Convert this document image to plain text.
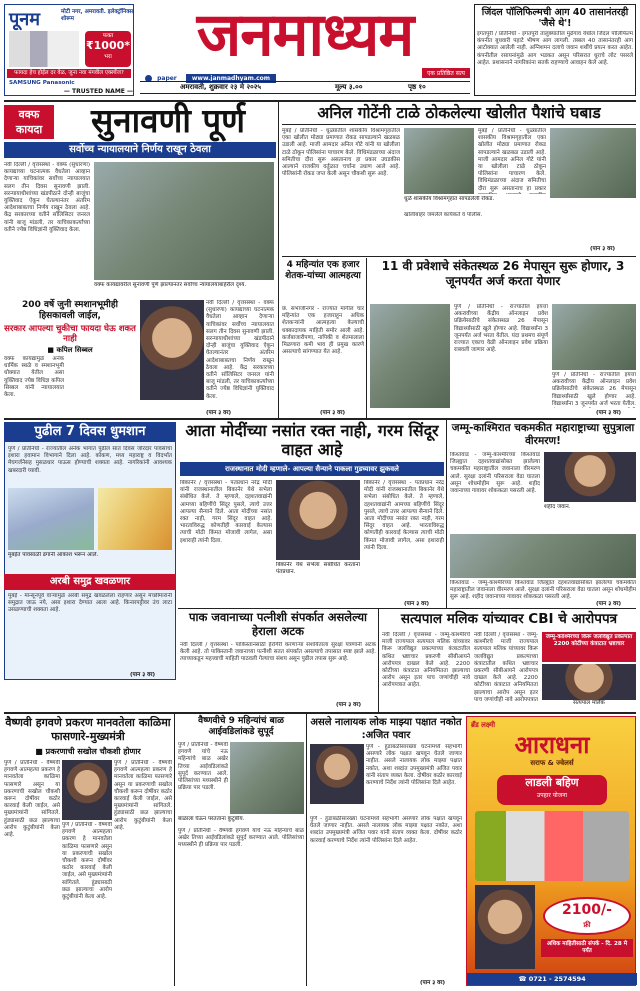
पूनम	मोटी नगर, अमरावती. इलेक्ट्रॉनिक्स शोरूम
फक्त
₹1000*
भरा
फायदा हेच होईल दर वेळ, जुना नवा मंगवील एक्स्चेंज?
SAMSUNG Panasonic
— TRUSTED NAME —
जनमाध्यम
paper	www.janmadhyam.com
एक प्रतिष्ठित सत्य
अमरावती, शुक्रवार २३ मे २०२५	मूल्य ३.००	पृष्ठ १०
जिंदल पॉलिफिल्मची आग 40 तासानंतरही 'जैसे थे'!
इगतपुरी / प्रतिनिधी - इगतपुरी तालुक्यातील मुंढेगाव येथील जिंदल पॉलिफिल्म कंपनीत बुधवारी पहाटे भीषण आग लागली. तब्बल 40 तासानंतरही आग आटोक्यात आलेली नाही. अग्निशमन दलाचे जवान शर्थीचे प्रयत्न करत आहेत. कंपनीतील रसायनांमुळे आग भडकत असून परिसरात धुराचे लोट पसरले आहेत. प्रशासनाने नागरिकांना सतर्क राहण्याचे आवाहन केले आहे.
वक्फ कायदा	सुनावणी पूर्ण
सर्वोच्च न्यायालयाने निर्णय राखून ठेवला
नवी दिल्ली / वृत्तसंस्था - वक्फ (सुधारणा) कायद्याच्या घटनात्मक वैधतेला आव्हान देणाऱ्या याचिकांवर सर्वोच्च न्यायालयात सलग तीन दिवस सुनावणी झाली. सरन्यायाधीशांच्या खंडपीठाने दोन्ही बाजूंचा युक्तिवाद ऐकून घेतल्यानंतर अंतरिम आदेशाबाबतचा निर्णय राखून ठेवला आहे. केंद्र सरकारच्या वतीने सॉलिसिटर जनरल यांनी बाजू मांडली, तर याचिकाकर्त्यांच्या वतीने ज्येष्ठ विधिज्ञांनी युक्तिवाद केला.
वक्फ कायद्यावरील सुनावणी पूर्ण झाल्यानंतर सर्वोच्च न्यायालयाबाहेरील दृश्य.
200 वर्षे जुनी स्मशानभूमीही हिसकावली जाईल,
सरकार आपल्या चुकीचा फायदा घेऊ शकत नाही
■ कपिल सिब्बल
वक्फ कायद्यामुळे अनेक धार्मिक स्थळे व स्मशानभूमी धोक्यात येतील असा युक्तिवाद ज्येष्ठ विधिज्ञ कपिल सिब्बल यांनी न्यायालयात केला.
नवी दिल्ली / वृत्तसंस्था - वक्फ (सुधारणा) कायद्याच्या घटनात्मक वैधतेला आव्हान देणाऱ्या याचिकांवर सर्वोच्च न्यायालयात सलग तीन दिवस सुनावणी झाली. सरन्यायाधीशांच्या खंडपीठाने दोन्ही बाजूंचा युक्तिवाद ऐकून घेतल्यानंतर अंतरिम आदेशाबाबतचा निर्णय राखून ठेवला आहे. केंद्र सरकारच्या वतीने सॉलिसिटर जनरल यांनी बाजू मांडली, तर याचिकाकर्त्यांच्या वतीने ज्येष्ठ विधिज्ञांनी युक्तिवाद केला.
(पान ३ वर)
अनिल गोटेंनी टाळे ठोकलेल्या खोलीत पैशांचे घबाड
मुंबई / प्रतिनिधी - धुळ्यातील शासकीय विश्रामगृहातील एका खोलीत मोठ्या प्रमाणात रोकड सापडल्याने खळबळ उडाली आहे. माजी आमदार अनिल गोटे यांनी या खोलीला टाळे ठोकून पोलिसांना पाचारण केले. विधिमंडळाच्या अंदाज समितीचा दौरा सुरू असतानाच हा प्रकार उघडकीस आल्याने राजकीय वर्तुळात चर्चांना उधाण आले आहे. पोलिसांनी रोकड जप्त केली असून चौकशी सुरू आहे.
मुंबई / प्रतिनिधी - धुळ्यातील शासकीय विश्रामगृहातील एका खोलीत मोठ्या प्रमाणात रोकड सापडल्याने खळबळ उडाली आहे. माजी आमदार अनिल गोटे यांनी या खोलीला टाळे ठोकून पोलिसांना पाचारण केले. विधिमंडळाच्या अंदाज समितीचा दौरा सुरू असतानाच हा प्रकार
धुळे शासकीय विश्रामगृहात सापडलेली रोकड.
खोलीबाहेर जमलेले कार्यकर्ते व पोलीस.
(पान ३ वर)
4 महिन्यांत एक हजार शेतक-यांच्या आत्महत्या
छ. संभाजीनगर - राज्यात मागील चार महिन्यांत एक हजाराहून अधिक शेतकऱ्यांनी आत्महत्या केल्याची धक्कादायक माहिती समोर आली आहे. कर्जबाजारीपणा, नापिकी व शेतमालाला मिळणारा कमी भाव ही प्रमुख कारणे असल्याचे सांगण्यात येत आहे.
(पान ३ वर)
11 वी प्रवेशाचे संकेतस्थळ 26 मेपासून सुरू होणार, 3 जूनपर्यंत अर्ज करता येणार
पुणे / प्रतिनिधी - राज्यातील इयत्ता अकरावीच्या केंद्रीय ऑनलाइन प्रवेश प्रक्रियेसाठीचे संकेतस्थळ 26 मेपासून विद्यार्थ्यांसाठी खुले होणार आहे. विद्यार्थ्यांना 3 जूनपर्यंत अर्ज भरता येतील. यंदा प्रथमच संपूर्ण राज्यात एकाच वेळी ऑनलाइन प्रवेश प्रक्रिया राबवली जाणार आहे.
पुणे / प्रतिनिधी - राज्यातील इयत्ता अकरावीच्या केंद्रीय ऑनलाइन प्रवेश प्रक्रियेसाठीचे संकेतस्थळ 26 मेपासून विद्यार्थ्यांसाठी खुले होणार आहे. विद्यार्थ्यांना 3 जूनपर्यंत अर्ज भरता येतील.
(पान ३ वर)
पुढील 7 दिवस धुमशान
पुणे / प्रतिनिधी - राज्यातील अनेक भागांत पुढील सात दिवस जोरदार पावसाचा इशारा हवामान विभागाने दिला आहे. कोकण, मध्य महाराष्ट्र व विदर्भात मेघगर्जनेसह मुसळधार पाऊस होण्याची शक्यता आहे. नागरिकांनी आवश्यक खबरदारी घ्यावी.
मुंबईत पावसाळी ढगांनी आकाश भरून आले.
अरबी समुद्र खवळणार
मुंबई - मान्सूनपूर्व वाऱ्यांमुळे अरबी समुद्र खवळलेला राहणार असून मच्छीमारांनी समुद्रात जाऊ नये, असा इशारा देण्यात आला आहे. किनारपट्टीवर उंच लाटा उसळण्याची शक्यता आहे.
(पान ३ वर)
आता मोदींच्या नसांत रक्त नाही, गरम सिंदूर वाहत आहे
राजस्थानात मोदी म्हणाले- आपल्या सैन्याने पाकला गुडघ्यावर झुकवले
बिकानेर / वृत्तसंस्था - पंतप्रधान नरेंद्र मोदी यांनी राजस्थानातील बिकानेर येथे सभेला संबोधित केले. ते म्हणाले, दहशतवाद्यांनी आमच्या बहिणींचे सिंदूर पुसले, त्याचे उत्तर आपल्या सैन्याने दिले. आता मोदींच्या नसांत रक्त नाही, गरम सिंदूर वाहत आहे. भारताविरुद्ध कोणतीही कारवाई केल्यास त्याची मोठी किंमत मोजावी लागेल, असा इशाराही त्यांनी दिला.
बिकानेर / वृत्तसंस्था - पंतप्रधान नरेंद्र मोदी यांनी राजस्थानातील बिकानेर येथे सभेला संबोधित केले. ते म्हणाले, दहशतवाद्यांनी आमच्या बहिणींचे सिंदूर पुसले, त्याचे उत्तर आपल्या सैन्याने दिले. आता मोदींच्या नसांत रक्त नाही, गरम सिंदूर वाहत आहे. भारताविरुद्ध कोणतीही कारवाई केल्यास त्याची मोठी किंमत मोजावी लागेल, असा इशाराही त्यांनी दिला.
बिकानेर येथे सभेला संबोधित करताना पंतप्रधान.
(पान ३ वर)
जम्मू-काश्मिरात चकमकीत महाराष्ट्राच्या सुपुत्राला वीरमरण!
किश्तवाड - जम्मू-काश्मीरच्या किश्तवाड जिल्ह्यात दहशतवाद्यांसोबत झालेल्या चकमकीत महाराष्ट्रातील जवानाला वीरमरण आले. सुरक्षा दलांनी परिसराला वेढा घातला असून शोधमोहीम सुरू आहे. शहीद जवानाच्या गावावर शोककळा पसरली आहे.
शहीद जवान.
किश्तवाड - जम्मू-काश्मीरच्या किश्तवाड जिल्ह्यात दहशतवाद्यांसोबत झालेल्या चकमकीत महाराष्ट्रातील जवानाला वीरमरण आले. सुरक्षा दलांनी परिसराला वेढा घातला असून शोधमोहीम सुरू आहे. शहीद जवानाच्या गावावर शोककळा पसरली आहे.
(पान ३ वर)
पाक जवानाच्या पत्नीशी संपर्कात असलेल्या हेराला अटक
नवी दिल्ली / वृत्तसंस्था - पाकिस्तानसाठी हेरगिरी करणाऱ्या संशयिताला सुरक्षा यंत्रणांनी अटक केली आहे. तो पाकिस्तानी जवानाच्या पत्नीशी सतत संपर्कात असल्याचे तपासात स्पष्ट झाले आहे. त्याच्याकडून महत्त्वाची माहिती पाठवली गेल्याचा संशय असून पुढील तपास सुरू आहे.
(पान ३ वर)
सत्यपाल मलिक यांच्यावर CBI चे आरोपपत्र
नवी दिल्ली / वृत्तसंस्था - जम्मू-काश्मीरचे माजी राज्यपाल सत्यपाल मलिक यांच्यावर किरू जलविद्युत प्रकल्पाच्या कंत्राटातील कथित भ्रष्टाचार प्रकरणी सीबीआयने आरोपपत्र दाखल केले आहे. 2200 कोटींच्या कंत्राटात अनियमितता झाल्याचा आरोप असून इतर पाच जणांचीही नावे आरोपपत्रात आहेत.
नवी दिल्ली / वृत्तसंस्था - जम्मू-काश्मीरचे माजी राज्यपाल सत्यपाल मलिक यांच्यावर किरू जलविद्युत प्रकल्पाच्या कंत्राटातील कथित भ्रष्टाचार प्रकरणी सीबीआयने आरोपपत्र दाखल केले आहे. 2200 कोटींच्या कंत्राटात अनियमितता झाल्याचा आरोप असून इतर पाच जणांचीही नावे आरोपपत्रात
जम्मू-काश्मिरच्या किरू जलविद्युत प्रकल्पात 2200 कोटींच्या कंत्राटात भ्रष्टाचार
सत्यपाल मलिक
वैष्णवी हगवणे प्रकरण मानवतेला काळिमा फासणारे-मुख्यमंत्री
■ प्रकरणाची सखोल चौकशी होणार
पुणे / प्रतिनिधी - वैष्णवी हगवणे आत्महत्या प्रकरण हे मानवतेला काळिमा फासणारे असून या प्रकरणाची सखोल चौकशी करून दोषींवर कठोर कारवाई केली जाईल, असे मुख्यमंत्र्यांनी सांगितले. हुंड्यासाठी छळ झाल्याचा आरोप कुटुंबीयांनी केला आहे.
पुणे / प्रतिनिधी - वैष्णवी हगवणे आत्महत्या प्रकरण हे मानवतेला काळिमा फासणारे असून या प्रकरणाची सखोल चौकशी करून दोषींवर कठोर कारवाई केली जाईल, असे मुख्यमंत्र्यांनी सांगितले. हुंड्यासाठी छळ झाल्याचा आरोप कुटुंबीयांनी केला आहे.
पुणे / प्रतिनिधी - वैष्णवी हगवणे आत्महत्या प्रकरण हे मानवतेला काळिमा फासणारे असून या प्रकरणाची सखोल चौकशी करून दोषींवर कठोर कारवाई केली जाईल, असे मुख्यमंत्र्यांनी सांगितले. हुंड्यासाठी छळ झाल्याचा आरोप कुटुंबीयांनी केला आहे.
वैष्णवीचे 9 महिन्यांचं बाळ आईवडिलांकडे सुपूर्द
पुणे / प्रतिनिधी - वैष्णवी हगवणे यांचे नऊ महिन्यांचे बाळ अखेर तिच्या आईवडिलांकडे सुपूर्द करण्यात आले. पोलिसांच्या मध्यस्थीने ही प्रक्रिया पार पडली.
बाळाला घेऊन परतताना कुटुंबीय.
पुणे / प्रतिनिधी - वैष्णवी हगवणे यांचे नऊ महिन्यांचे बाळ अखेर तिच्या आईवडिलांकडे सुपूर्द करण्यात आले. पोलिसांच्या मध्यस्थीने ही प्रक्रिया पार पडली.
असले नालायक लोक माझ्या पक्षात नकोत :अजित पवार
पुणे - हुंडाबळीसारख्या घटनांमध्ये सहभागी असणारे लोक पक्षात खपवून घेतले जाणार नाहीत. असले नालायक लोक माझ्या पक्षात नकोत, अशा शब्दांत उपमुख्यमंत्री अजित पवार यांनी संताप व्यक्त केला. दोषींवर कठोर कारवाई करण्याचे निर्देश त्यांनी पोलिसांना दिले आहेत.
पुणे - हुंडाबळीसारख्या घटनांमध्ये सहभागी असणारे लोक पक्षात खपवून घेतले जाणार नाहीत. असले नालायक लोक माझ्या पक्षात नकोत, अशा शब्दांत उपमुख्यमंत्री अजित पवार यांनी संताप व्यक्त केला. दोषींवर कठोर कारवाई करण्याचे निर्देश त्यांनी पोलिसांना दिले आहेत.
(पान ३ वर)
ब्रँड लक्ष्मी
आराधना
सराफ & ज्वेलर्स
लाडली बहिण
उपहार योजना
2100/-
फ्री
अधिक माहितीसाठी संपर्क - दि. 28 मे पर्यंत
☎ 0721 - 2574594
